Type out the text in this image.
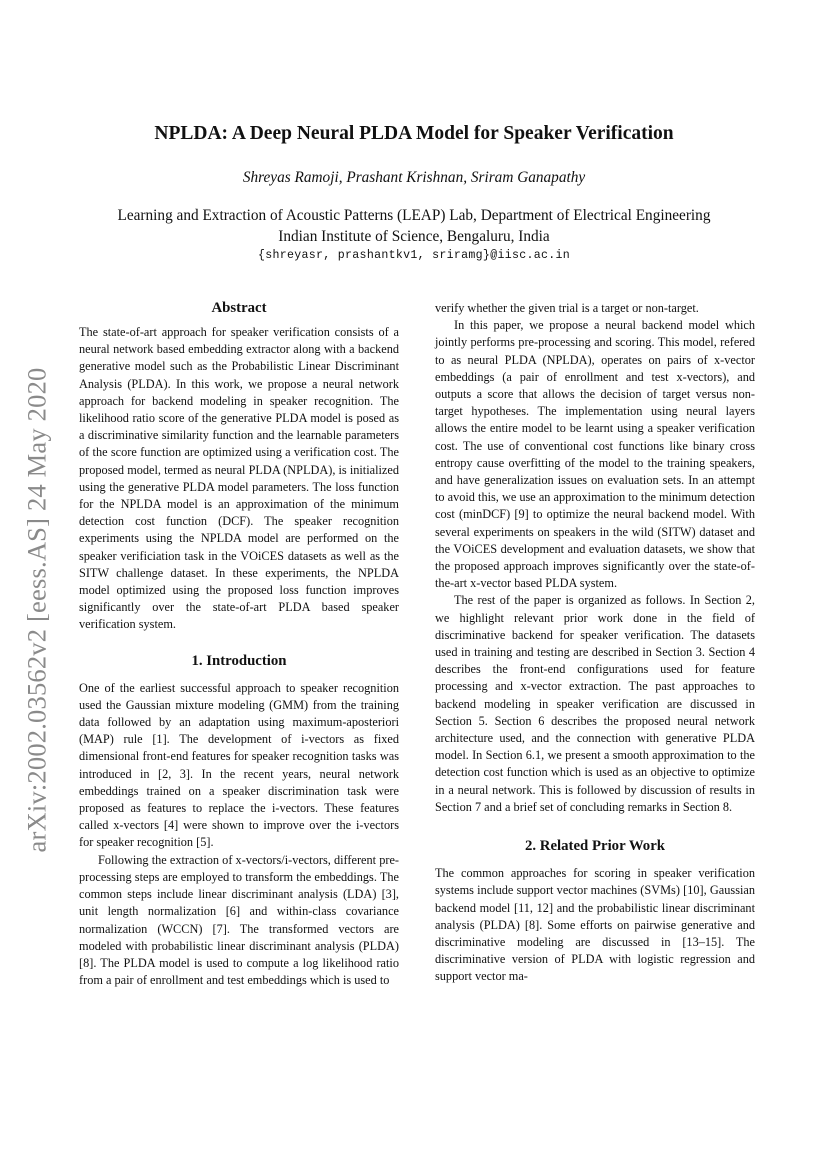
arXiv:2002.03562v2 [eess.AS] 24 May 2020
NPLDA: A Deep Neural PLDA Model for Speaker Verification
Shreyas Ramoji, Prashant Krishnan, Sriram Ganapathy
Learning and Extraction of Acoustic Patterns (LEAP) Lab, Department of Electrical Engineering
Indian Institute of Science, Bengaluru, India
{shreyasr, prashantkv1, sriramg}@iisc.ac.in
Abstract

The state-of-art approach for speaker verification consists of a neural network based embedding extractor along with a backend generative model such as the Probabilistic Linear Discriminant Analysis (PLDA). In this work, we propose a neural network approach for backend modeling in speaker recognition. The likelihood ratio score of the generative PLDA model is posed as a discriminative similarity function and the learnable parameters of the score function are optimized using a verification cost. The proposed model, termed as neural PLDA (NPLDA), is initialized using the generative PLDA model parameters. The loss function for the NPLDA model is an approximation of the minimum detection cost function (DCF). The speaker recognition experiments using the NPLDA model are performed on the speaker verificiation task in the VOiCES datasets as well as the SITW challenge dataset. In these experiments, the NPLDA model optimized using the proposed loss function improves significantly over the state-of-art PLDA based speaker verification system.

1. Introduction

One of the earliest successful approach to speaker recognition used the Gaussian mixture modeling (GMM) from the training data followed by an adaptation using maximum-aposteriori (MAP) rule [1]. The development of i-vectors as fixed dimensional front-end features for speaker recognition tasks was introduced in [2, 3]. In the recent years, neural network embeddings trained on a speaker discrimination task were proposed as features to replace the i-vectors. These features called x-vectors [4] were shown to improve over the i-vectors for speaker recognition [5].

Following the extraction of x-vectors/i-vectors, different pre-processing steps are employed to transform the embeddings. The common steps include linear discriminant analysis (LDA) [3], unit length normalization [6] and within-class covariance normalization (WCCN) [7]. The transformed vectors are modeled with probabilistic linear discriminant analysis (PLDA) [8]. The PLDA model is used to compute a log likelihood ratio from a pair of enrollment and test embeddings which is used to

verify whether the given trial is a target or non-target.

In this paper, we propose a neural backend model which jointly performs pre-processing and scoring. This model, refered to as neural PLDA (NPLDA), operates on pairs of x-vector embeddings (a pair of enrollment and test x-vectors), and outputs a score that allows the decision of target versus non-target hypotheses. The implementation using neural layers allows the entire model to be learnt using a speaker verification cost. The use of conventional cost functions like binary cross entropy cause overfitting of the model to the training speakers, and have generalization issues on evaluation sets. In an attempt to avoid this, we use an approximation to the minimum detection cost (minDCF) [9] to optimize the neural backend model. With several experiments on speakers in the wild (SITW) dataset and the VOiCES development and evaluation datasets, we show that the proposed approach improves significantly over the state-of-the-art x-vector based PLDA system.

The rest of the paper is organized as follows. In Section 2, we highlight relevant prior work done in the field of discriminative backend for speaker verification. The datasets used in training and testing are described in Section 3. Section 4 describes the front-end configurations used for feature processing and x-vector extraction. The past approaches to backend modeling in speaker verification are discussed in Section 5. Section 6 describes the proposed neural network architecture used, and the connection with generative PLDA model. In Section 6.1, we present a smooth approximation to the detection cost function which is used as an objective to optimize in a neural network. This is followed by discussion of results in Section 7 and a brief set of concluding remarks in Section 8.

2. Related Prior Work

The common approaches for scoring in speaker verification systems include support vector machines (SVMs) [10], Gaussian backend model [11, 12] and the probabilistic linear discriminant analysis (PLDA) [8]. Some efforts on pairwise generative and discriminative modeling are discussed in [13–15]. The discriminative version of PLDA with logistic regression and support vector ma-
